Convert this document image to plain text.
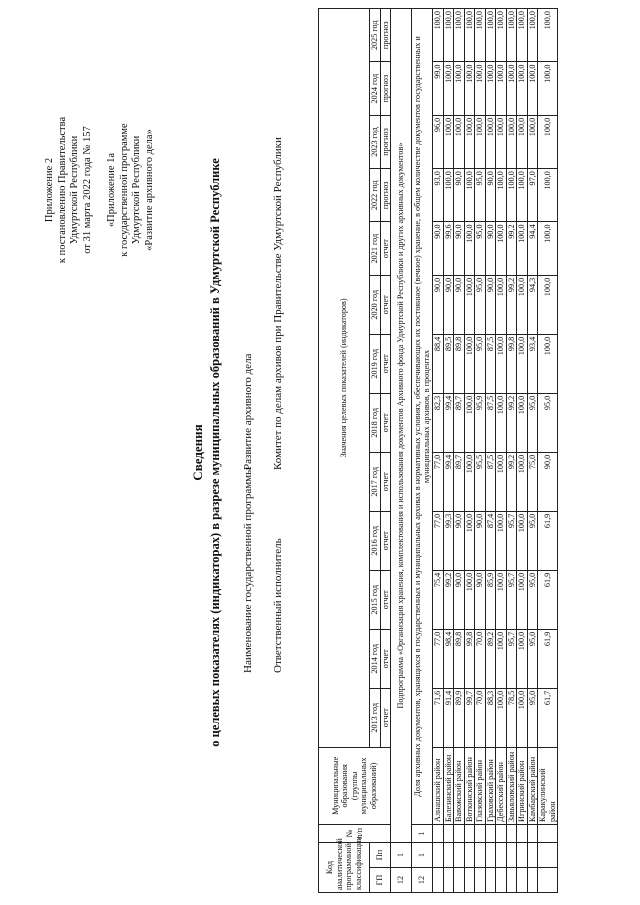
Приложение 2 к постановлению Правительства Удмуртской Республики от 31 марта 2022 года № 157 «Приложение 1а к государственной программе Удмуртской Республики «Развитие архивного дела»
Сведения о целевых показателях (индикаторах) в разрезе муниципальных образований в Удмуртской Республике Наименование государственной программы
Развитие архивного дела
Ответственный исполнитель
Комитет по делам архивов при Правительстве Удмуртской Республики
Код аналитической программной классификации		№ п/п	Муниципальные образования (группы муниципальных образований)	Значения целевых показателей (индикаторов)												
ГП	Пп			2013 год	2014 год	2015 год	2016 год	2017 год	2018 год	2019 год	2020 год	2021 год	2022 год	2023 год	2024 год	2025 год
				отчет	отчет	отчет	отчет	отчет	отчет	отчет	отчет	отчет	прогноз	прогноз	прогноз	прогноз
12	1	Подпрограмма «Организация хранения, комплектования и использования документов Архивного фонда Удмуртской Республики и других архивных документов»														
12	1	1	Доля архивных документов, хранящихся в государственных и муниципальных архивах в нормативных условиях, обеспечивающих их постоянное (вечное) хранение, в общем количестве документов государственных и муниципальных архивов, в процентах													
			Алнашский район	71,6	77,0	75,4	77,0	77,0	82,3	88,4	90,0	90,0	93,0	96,0	99,0	100,0
			Балезинский район	91,4	98,4	99,2	99,3	99,4	99,4	89,5	90,0	99,6	100,0	100,0	100,0	100,0
			Вавожский район	89,9	89,8	90,0	90,0	89,7	89,7	89,8	90,0	90,0	90,0	100,0	100,0	100,0
			Воткинский район	99,7	99,8	100,0	100,0	100,0	100,0	100,0	100,0	100,0	100,0	100,0	100,0	100,0
			Глазовский район	70,0	70,0	90,0	90,0	95,5	95,9	95,0	95,0	95,0	95,0	100,0	100,0	100,0
			Граховский район	88,3	89,2	85,9	87,4	87,5	87,5	87,5	90,0	90,0	90,0	100,0	100,0	100,0
			Дебесский район	100,0	100,0	100,0	100,0	100,0	100,0	100,0	100,0	100,0	100,0	100,0	100,0	100,0
			Завьяловский район	78,5	95,7	95,7	95,7	99,2	99,2	99,8	99,2	99,2	100,0	100,0	100,0	100,0
			Игринский район	100,0	100,0	100,0	100,0	100,0	100,0	100,0	100,0	100,0	100,0	100,0	100,0	100,0
			Камбарский район	95,0	95,0	95,0	95,0	75,0	95,0	93,4	94,3	94,4	97,0	100,0	100,0	100,0
			Каракулинский район	61,7	61,9	61,9	61,9	90,0	95,0	100,0	100,0	100,0	100,0	100,0	100,0	100,0
